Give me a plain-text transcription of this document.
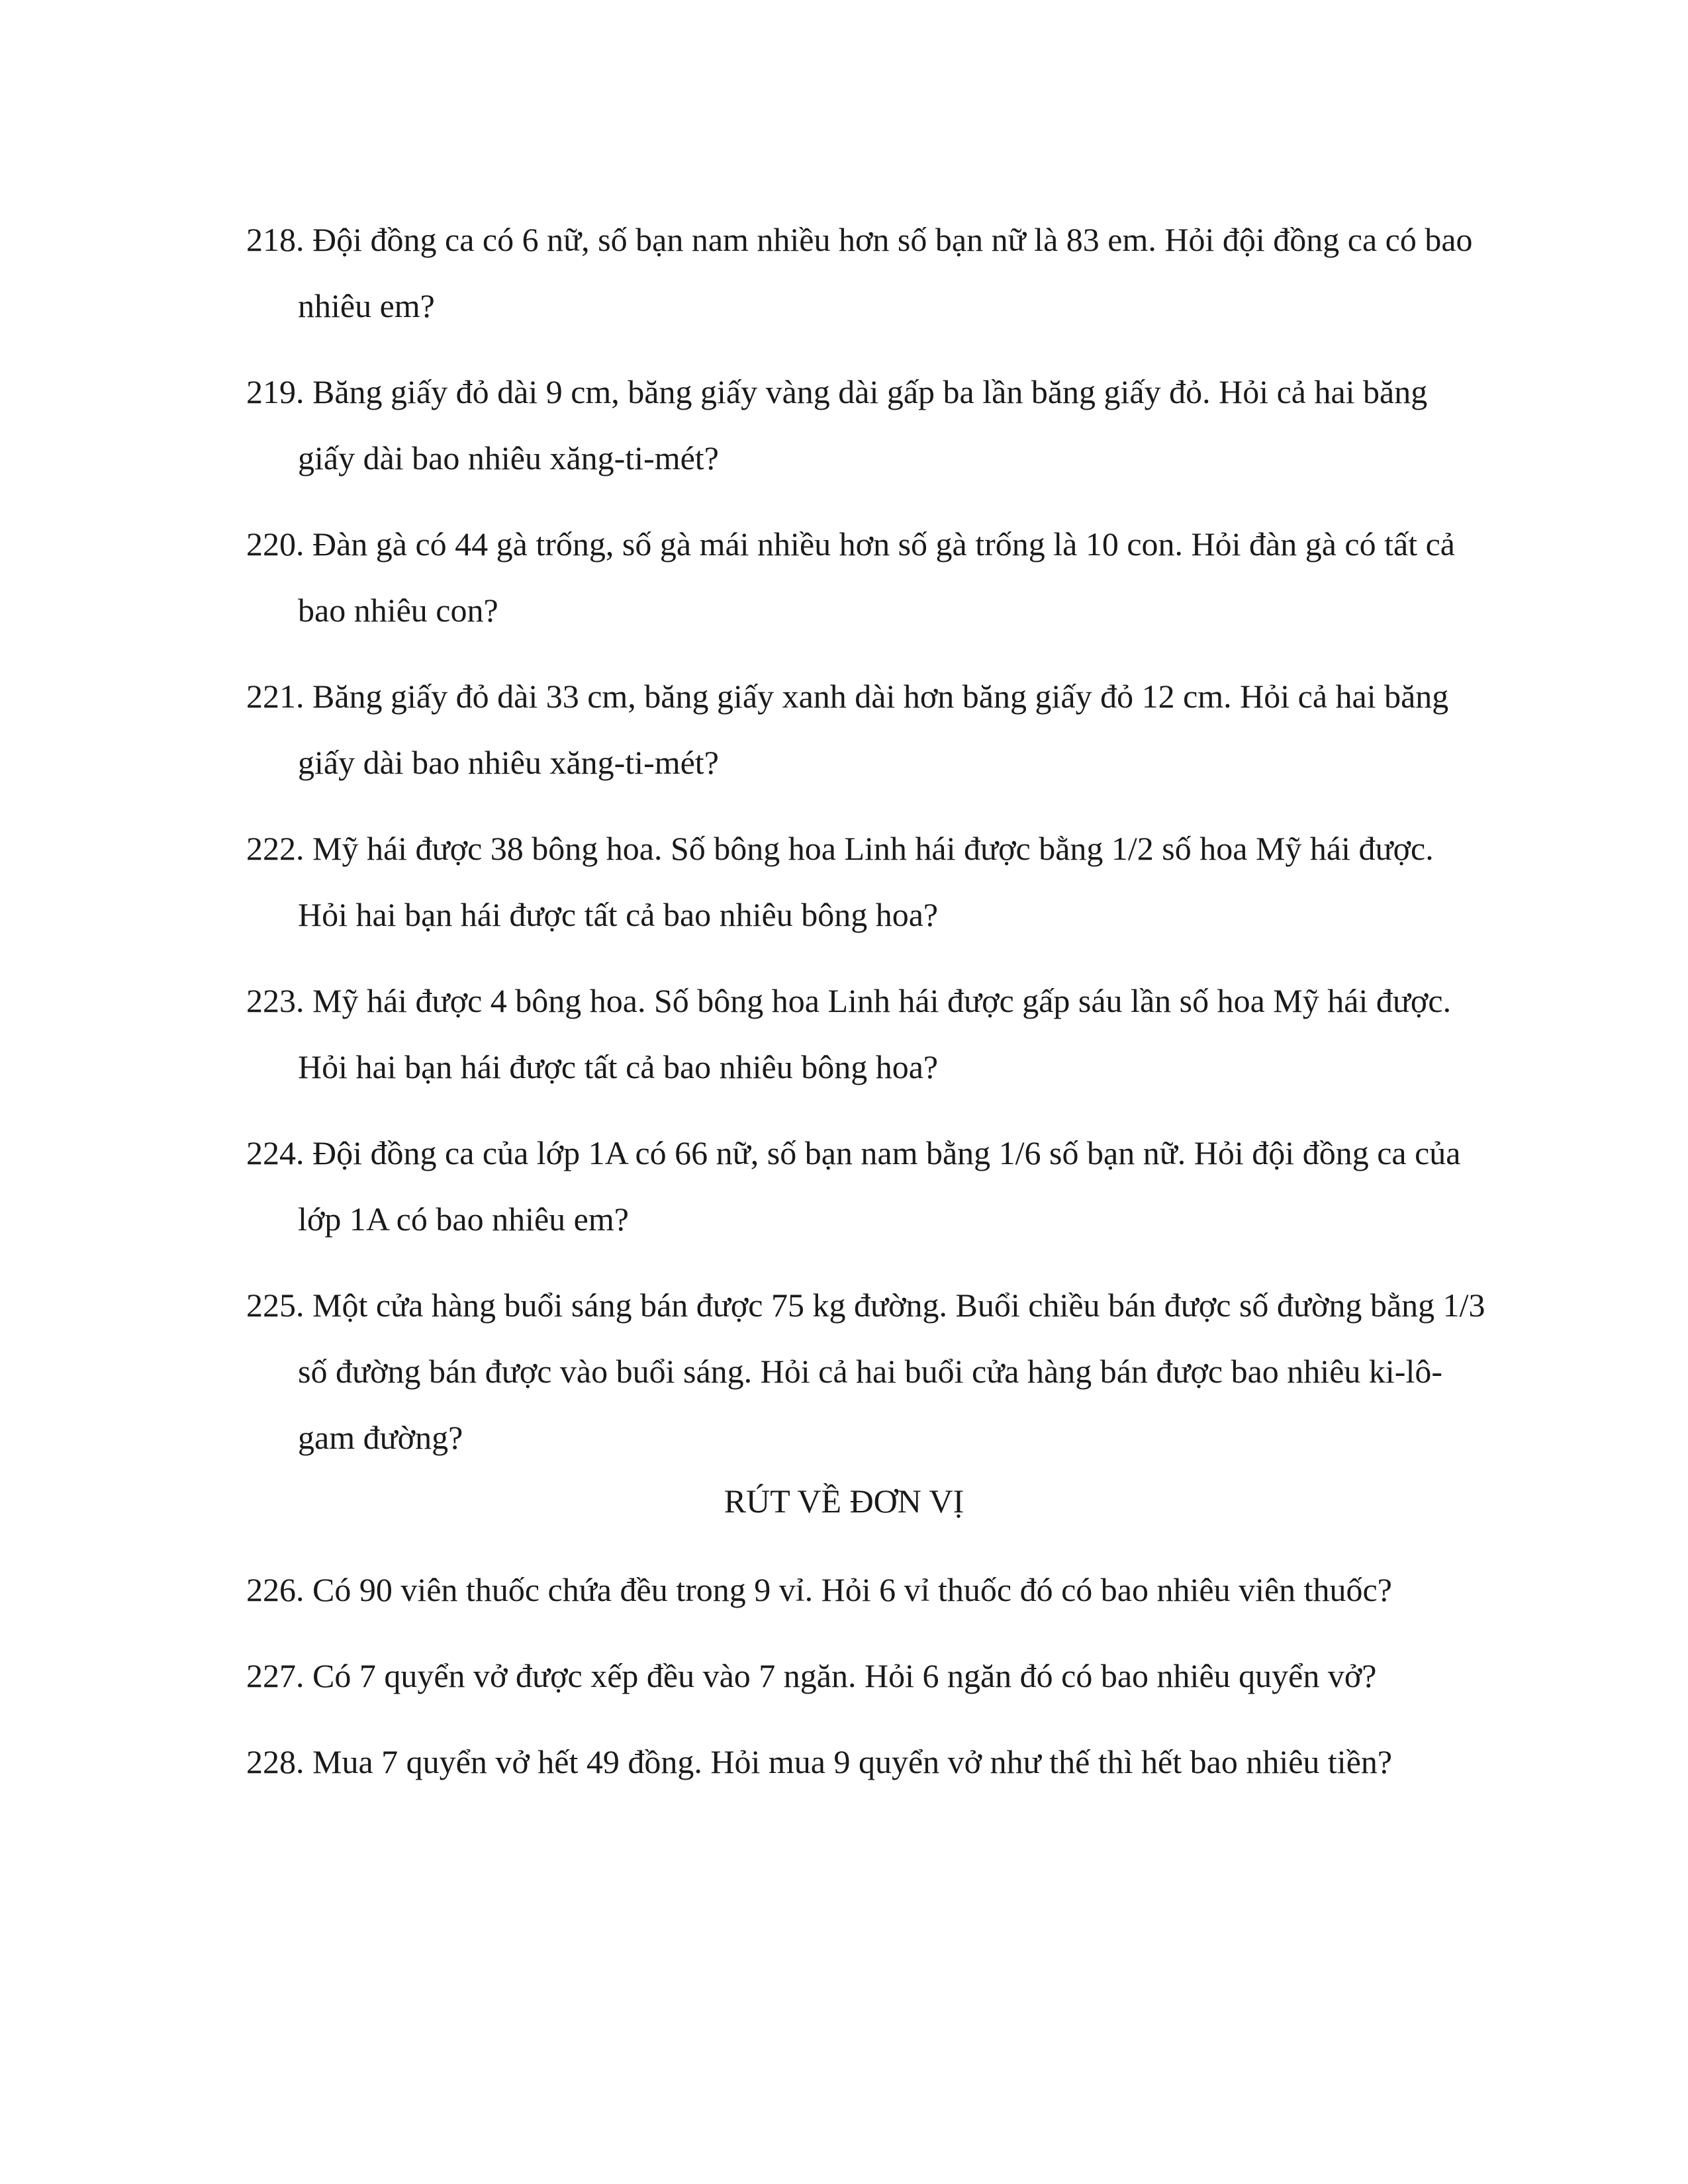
218. Đội đồng ca có 6 nữ, số bạn nam nhiều hơn số bạn nữ là 83 em. Hỏi đội đồng ca có bao nhiêu em?

219. Băng giấy đỏ dài 9 cm, băng giấy vàng dài gấp ba lần băng giấy đỏ. Hỏi cả hai băng giấy dài bao nhiêu xăng-ti-mét?

220. Đàn gà có 44 gà trống, số gà mái nhiều hơn số gà trống là 10 con. Hỏi đàn gà có tất cả bao nhiêu con?

221. Băng giấy đỏ dài 33 cm, băng giấy xanh dài hơn băng giấy đỏ 12 cm. Hỏi cả hai băng giấy dài bao nhiêu xăng-ti-mét?

222. Mỹ hái được 38 bông hoa. Số bông hoa Linh hái được bằng 1/2 số hoa Mỹ hái được. Hỏi hai bạn hái được tất cả bao nhiêu bông hoa?

223. Mỹ hái được 4 bông hoa. Số bông hoa Linh hái được gấp sáu lần số hoa Mỹ hái được. Hỏi hai bạn hái được tất cả bao nhiêu bông hoa?

224. Đội đồng ca của lớp 1A có 66 nữ, số bạn nam bằng 1/6 số bạn nữ. Hỏi đội đồng ca của lớp 1A có bao nhiêu em?

225. Một cửa hàng buổi sáng bán được 75 kg đường. Buổi chiều bán được số đường bằng 1/3 số đường bán được vào buổi sáng. Hỏi cả hai buổi cửa hàng bán được bao nhiêu ki-lô-gam đường?

RÚT VỀ ĐƠN VỊ

226. Có 90 viên thuốc chứa đều trong 9 vỉ. Hỏi 6 vỉ thuốc đó có bao nhiêu viên thuốc?

227. Có 7 quyển vở được xếp đều vào 7 ngăn. Hỏi 6 ngăn đó có bao nhiêu quyển vở?

228. Mua 7 quyển vở hết 49 đồng. Hỏi mua 9 quyển vở như thế thì hết bao nhiêu tiền?
